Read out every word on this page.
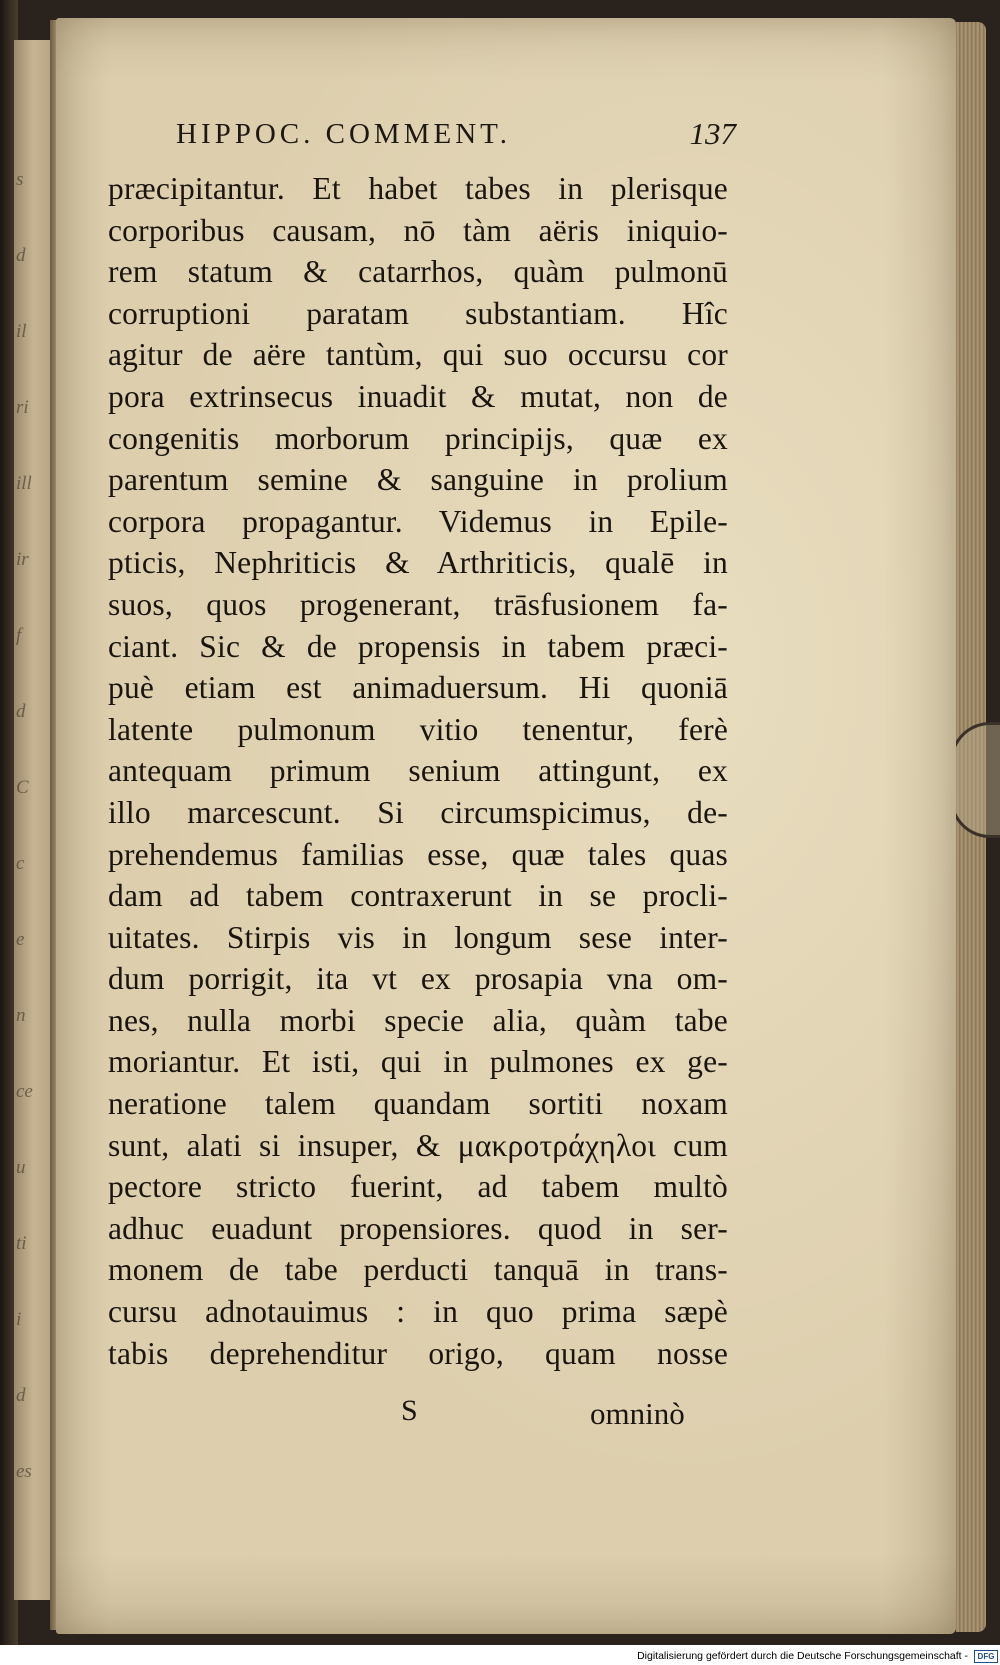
s
d
il
ri
ill
ir
f
d
C
c
e
n
ce
u
ti
i
d
es
HIPPOC. COMMENT.	137
præcipitantur. Et habet tabes in plerisque
corporibus causam, nō tàm aëris iniquio-
rem statum & catarrhos, quàm pulmonū
corruptioni paratam substantiam. Hîc
agitur de aëre tantùm, qui suo occursu cor
pora extrinsecus inuadit & mutat, non de
congenitis morborum principijs, quæ ex
parentum semine & sanguine in prolium
corpora propagantur. Videmus in Epile-
pticis, Nephriticis & Arthriticis, qualē in
suos, quos progenerant, trāsfusionem fa-
ciant. Sic & de propensis in tabem præci-
puè etiam est animaduersum. Hi quoniā
latente pulmonum vitio tenentur, ferè
antequam primum senium attingunt, ex
illo marcescunt. Si circumspicimus, de-
prehendemus familias esse, quæ tales quas
dam ad tabem contraxerunt in se procli-
uitates. Stirpis vis in longum sese inter-
dum porrigit, ita vt ex prosapia vna om-
nes, nulla morbi specie alia, quàm tabe
moriantur. Et isti, qui in pulmones ex ge-
neratione talem quandam sortiti noxam
sunt, alati si insuper, & μακροτράχηλοι cum
pectore stricto fuerint, ad tabem multò
adhuc euadunt propensiores. quod in ser-
monem de tabe perducti tanquā in trans-
cursu adnotauimus : in quo prima sæpè
tabis deprehenditur origo, quam nosse
S	omninò
Digitalisierung gefördert durch die Deutsche Forschungsgemeinschaft -	DFG
